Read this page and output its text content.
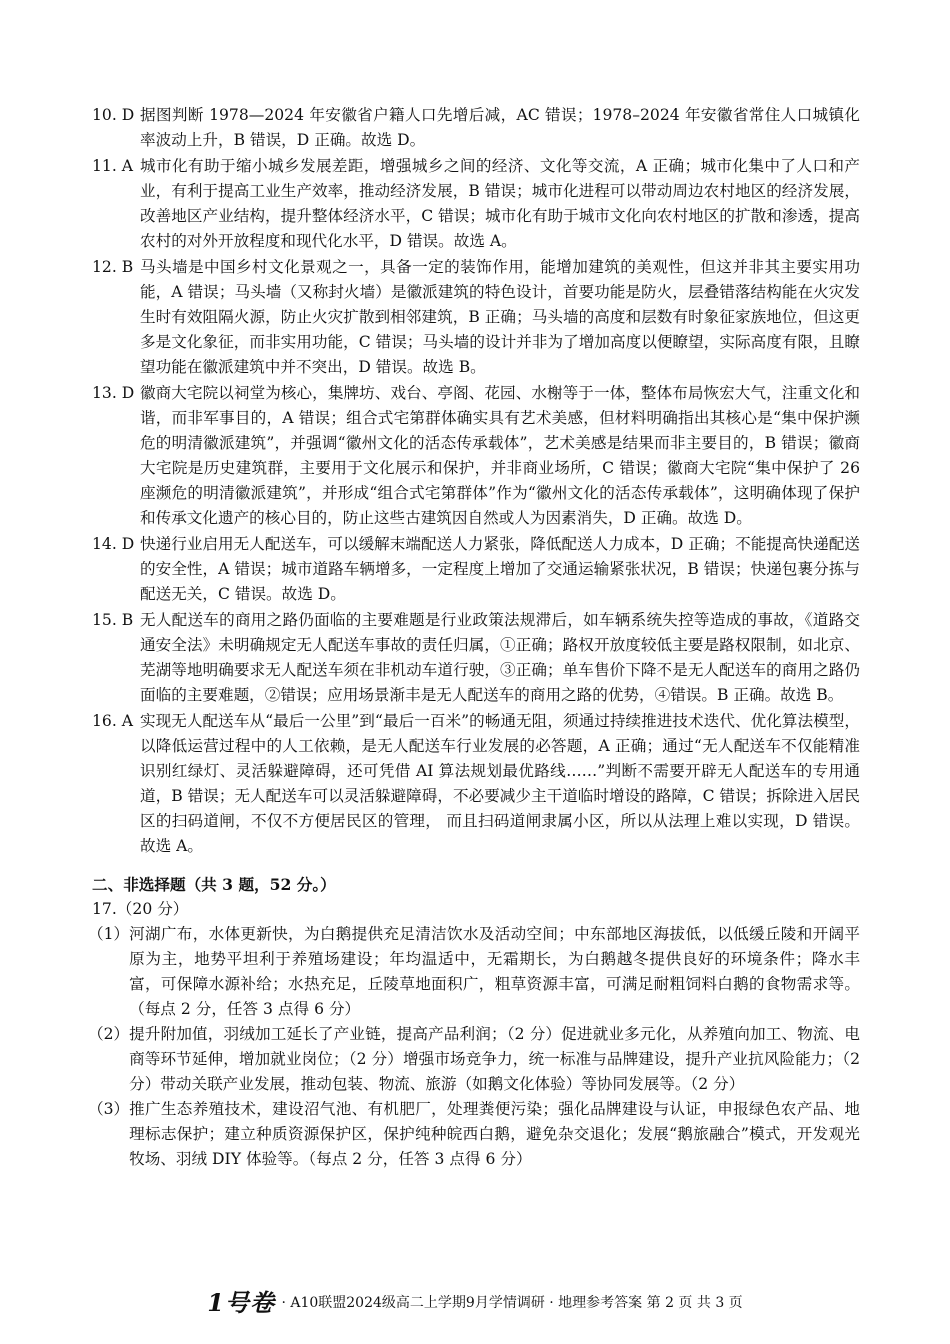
10. D 据图判断 1978—2024 年安徽省户籍人口先增后减，AC 错误；1978–2024 年安徽省常住人口城镇化率波动上升，B 错误，D 正确。故选 D。
11. A 城市化有助于缩小城乡发展差距，增强城乡之间的经济、文化等交流，A 正确；城市化集中了人口和产业，有利于提高工业生产效率，推动经济发展，B 错误；城市化进程可以带动周边农村地区的经济发展，改善地区产业结构，提升整体经济水平，C 错误；城市化有助于城市文化向农村地区的扩散和渗透，提高农村的对外开放程度和现代化水平，D 错误。故选 A。
12. B 马头墙是中国乡村文化景观之一，具备一定的装饰作用，能增加建筑的美观性，但这并非其主要实用功能，A 错误；马头墙（又称封火墙）是徽派建筑的特色设计，首要功能是防火，层叠错落结构能在火灾发生时有效阻隔火源，防止火灾扩散到相邻建筑，B 正确；马头墙的高度和层数有时象征家族地位，但这更多是文化象征，而非实用功能，C 错误；马头墙的设计并非为了增加高度以便瞭望，实际高度有限，且瞭望功能在徽派建筑中并不突出，D 错误。故选 B。
13. D 徽商大宅院以祠堂为核心，集牌坊、戏台、亭阁、花园、水榭等于一体，整体布局恢宏大气，注重文化和谐，而非军事目的，A 错误；组合式宅第群体确实具有艺术美感，但材料明确指出其核心是“集中保护濒危的明清徽派建筑”，并强调“徽州文化的活态传承载体”，艺术美感是结果而非主要目的，B 错误；徽商大宅院是历史建筑群，主要用于文化展示和保护，并非商业场所，C 错误；徽商大宅院“集中保护了 26 座濒危的明清徽派建筑”，并形成“组合式宅第群体”作为“徽州文化的活态传承载体”，这明确体现了保护和传承文化遗产的核心目的，防止这些古建筑因自然或人为因素消失，D 正确。故选 D。
14. D 快递行业启用无人配送车，可以缓解末端配送人力紧张，降低配送人力成本，D 正确；不能提高快递配送的安全性，A 错误；城市道路车辆增多，一定程度上增加了交通运输紧张状况，B 错误；快递包裹分拣与配送无关，C 错误。故选 D。
15. B 无人配送车的商用之路仍面临的主要难题是行业政策法规滞后，如车辆系统失控等造成的事故，《道路交通安全法》未明确规定无人配送车事故的责任归属，①正确；路权开放度较低主要是路权限制，如北京、芜湖等地明确要求无人配送车须在非机动车道行驶，③正确；单车售价下降不是无人配送车的商用之路仍面临的主要难题，②错误；应用场景渐丰是无人配送车的商用之路的优势，④错误。B 正确。故选 B。
16. A 实现无人配送车从“最后一公里”到“最后一百米”的畅通无阻，须通过持续推进技术迭代、优化算法模型，以降低运营过程中的人工依赖，是无人配送车行业发展的必答题，A 正确；通过“无人配送车不仅能精准识别红绿灯、灵活躲避障碍，还可凭借 AI 算法规划最优路线……”判断不需要开辟无人配送车的专用通道，B 错误；无人配送车可以灵活躲避障碍，不必要减少主干道临时增设的路障，C 错误；拆除进入居民区的扫码道闸，不仅不方便居民区的管理， 而且扫码道闸隶属小区，所以从法理上难以实现，D 错误。故选 A。
二、非选择题（共 3 题，52 分。）
17.（20 分）
（1） 河湖广布，水体更新快，为白鹅提供充足清洁饮水及活动空间；中东部地区海拔低，以低缓丘陵和开阔平原为主，地势平坦利于养殖场建设；年均温适中，无霜期长，为白鹅越冬提供良好的环境条件；降水丰富，可保障水源补给；水热充足，丘陵草地面积广，粗草资源丰富，可满足耐粗饲料白鹅的食物需求等。（每点 2 分，任答 3 点得 6 分）
（2） 提升附加值，羽绒加工延长了产业链，提高产品利润；（2 分）促进就业多元化，从养殖向加工、物流、电商等环节延伸，增加就业岗位；（2 分）增强市场竞争力，统一标准与品牌建设，提升产业抗风险能力；（2 分）带动关联产业发展，推动包装、物流、旅游（如鹅文化体验）等协同发展等。（2 分）
（3） 推广生态养殖技术，建设沼气池、有机肥厂，处理粪便污染；强化品牌建设与认证，申报绿色农产品、地理标志保护；建立种质资源保护区，保护纯种皖西白鹅，避免杂交退化；发展“鹅旅融合”模式，开发观光牧场、羽绒 DIY 体验等。（每点 2 分，任答 3 点得 6 分）
1号卷 · A10联盟2024级高二上学期9月学情调研 · 地理参考答案 第 2 页 共 3 页
